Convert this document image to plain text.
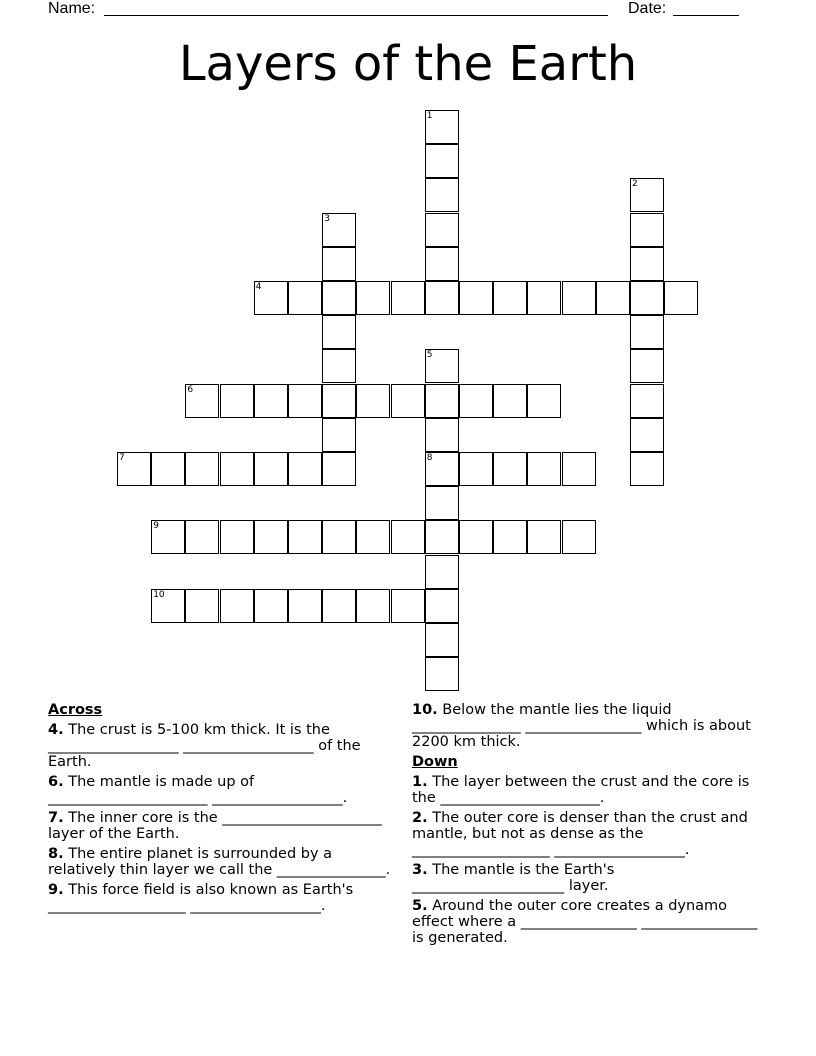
Name:	Date:
Layers of the Earth
1
2
3
4
5
8
6
7
9
10
Across
4. The crust is 5-100 km thick. It is the __________________ __________________ of the Earth.
6. The mantle is made up of ______________________ __________________.
7. The inner core is the ______________________ layer of the Earth.
8. The entire planet is surrounded by a relatively thin layer we call the _______________.
9. This force field is also known as Earth's ___________________ __________________.
10. Below the mantle lies the liquid _______________ ________________ which is about 2200 km thick.
Down
1. The layer between the crust and the core is the ______________________.
2. The outer core is denser than the crust and mantle, but not as dense as the ___________________ __________________.
3. The mantle is the Earth's _____________________ layer.
5. Around the outer core creates a dynamo effect where a ________________ ________________ is generated.
